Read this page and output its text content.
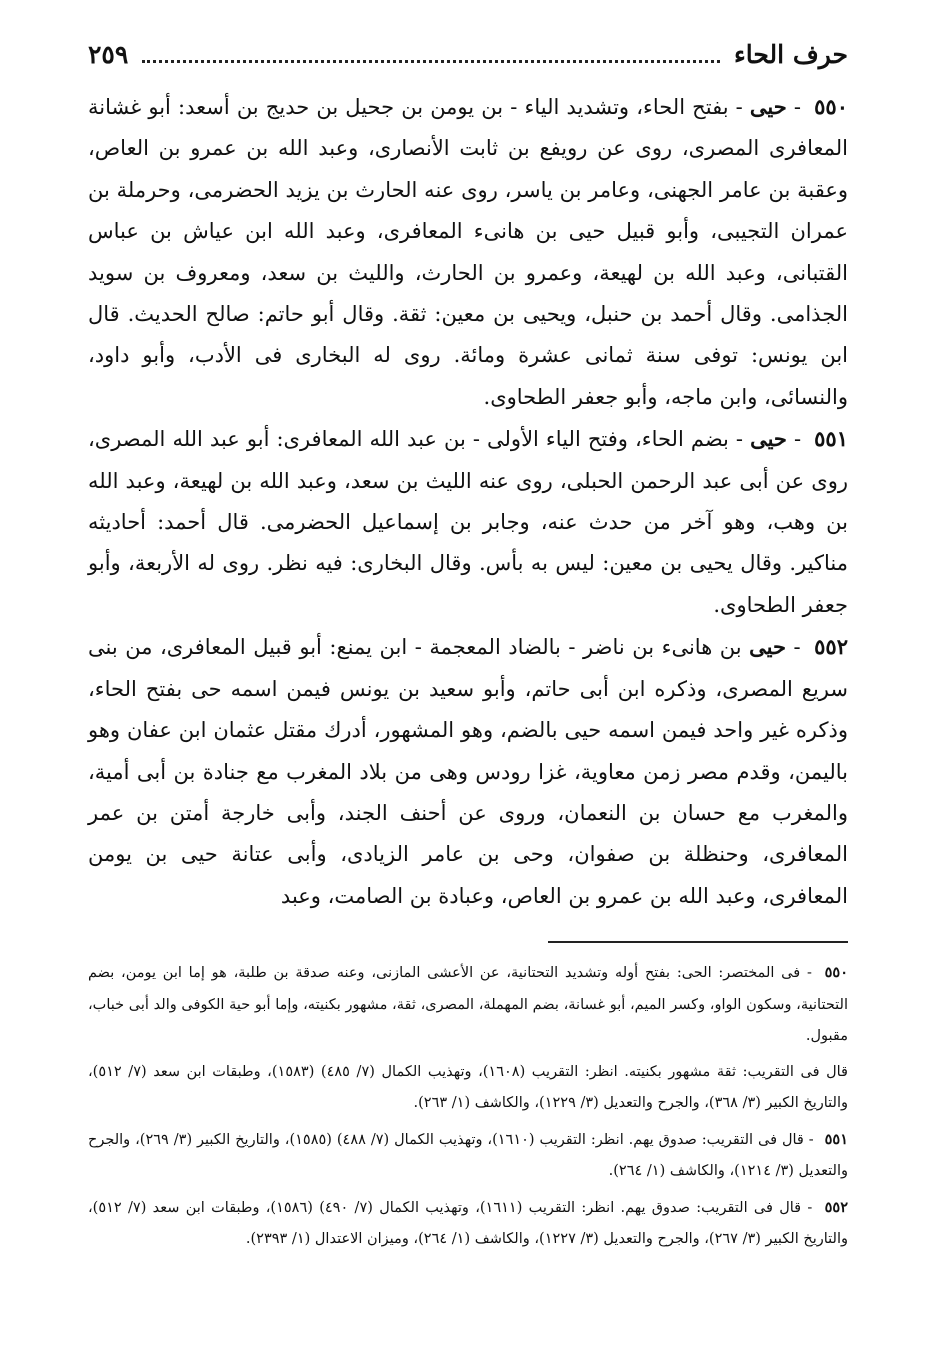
حرف الحاء
٢٥٩

٥٥٠ - حيى - بفتح الحاء، وتشديد الياء - بن يومن بن جحيل بن حديج بن أسعد: أبو غشانة المعافرى المصرى، روى عن رويفع بن ثابت الأنصارى، وعبد الله بن عمرو بن العاص، وعقبة بن عامر الجهنى، وعامر بن ياسر، روى عنه الحارث بن يزيد الحضرمى، وحرملة بن عمران التجيبى، وأبو قبيل حيى بن هانىء المعافرى، وعبد الله ابن عياش بن عباس القتبانى، وعبد الله بن لهيعة، وعمرو بن الحارث، والليث بن سعد، ومعروف بن سويد الجذامى. وقال أحمد بن حنبل، ويحيى بن معين: ثقة. وقال أبو حاتم: صالح الحديث. قال ابن يونس: توفى سنة ثمانى عشرة ومائة. روى له البخارى فى الأدب، وأبو داود، والنسائى، وابن ماجه، وأبو جعفر الطحاوى.

٥٥١ - حيى - بضم الحاء، وفتح الياء الأولى - بن عبد الله المعافرى: أبو عبد الله المصرى، روى عن أبى عبد الرحمن الحبلى، روى عنه الليث بن سعد، وعبد الله بن لهيعة، وعبد الله بن وهب، وهو آخر من حدث عنه، وجابر بن إسماعيل الحضرمى. قال أحمد: أحاديثه مناكير. وقال يحيى بن معين: ليس به بأس. وقال البخارى: فيه نظر. روى له الأربعة، وأبو جعفر الطحاوى.

٥٥٢ - حيى بن هانىء بن ناضر - بالضاد المعجمة - ابن يمنع: أبو قبيل المعافرى، من بنى سريع المصرى، وذكره ابن أبى حاتم، وأبو سعيد بن يونس فيمن اسمه حى بفتح الحاء، وذكره غير واحد فيمن اسمه حيى بالضم، وهو المشهور، أدرك مقتل عثمان ابن عفان وهو باليمن، وقدم مصر زمن معاوية، غزا رودس وهى من بلاد المغرب مع جنادة بن أبى أمية، والمغرب مع حسان بن النعمان، وروى عن أحنف الجند، وأبى خارجة أمتن بن عمر المعافرى، وحنظلة بن صفوان، وحى بن عامر الزيادى، وأبى عتانة حيى بن يومن المعافرى، وعبد الله بن عمرو بن العاص، وعبادة بن الصامت، وعبد

٥٥٠ - فى المختصر: الحى: بفتح أوله وتشديد التحتانية، عن الأعشى المازنى، وعنه صدقة بن طلبة، هو إما ابن يومن، بضم التحتانية، وسكون الواو، وكسر الميم، أبو غسانة، بضم المهملة، المصرى، ثقة، مشهور بكنيته، وإما أبو حية الكوفى والد أبى خباب، مقبول.

قال فى التقريب: ثقة مشهور بكنيته. انظر: التقريب (١٦٠٨)، وتهذيب الكمال (٧/ ٤٨٥) (١٥٨٣)، وطبقات ابن سعد (٧/ ٥١٢)، والتاريخ الكبير (٣/ ٣٦٨)، والجرح والتعديل (٣/ ١٢٢٩)، والكاشف (١/ ٢٦٣).

٥٥١ - قال فى التقريب: صدوق يهم. انظر: التقريب (١٦١٠)، وتهذيب الكمال (٧/ ٤٨٨) (١٥٨٥)، والتاريخ الكبير (٣/ ٢٦٩)، والجرح والتعديل (٣/ ١٢١٤)، والكاشف (١/ ٢٦٤).

٥٥٢ - قال فى التقريب: صدوق يهم. انظر: التقريب (١٦١١)، وتهذيب الكمال (٧/ ٤٩٠) (١٥٨٦)، وطبقات ابن سعد (٧/ ٥١٢)، والتاريخ الكبير (٣/ ٢٦٧)، والجرح والتعديل (٣/ ١٢٢٧)، والكاشف (١/ ٢٦٤)، وميزان الاعتدال (١/ ٢٣٩٣).
